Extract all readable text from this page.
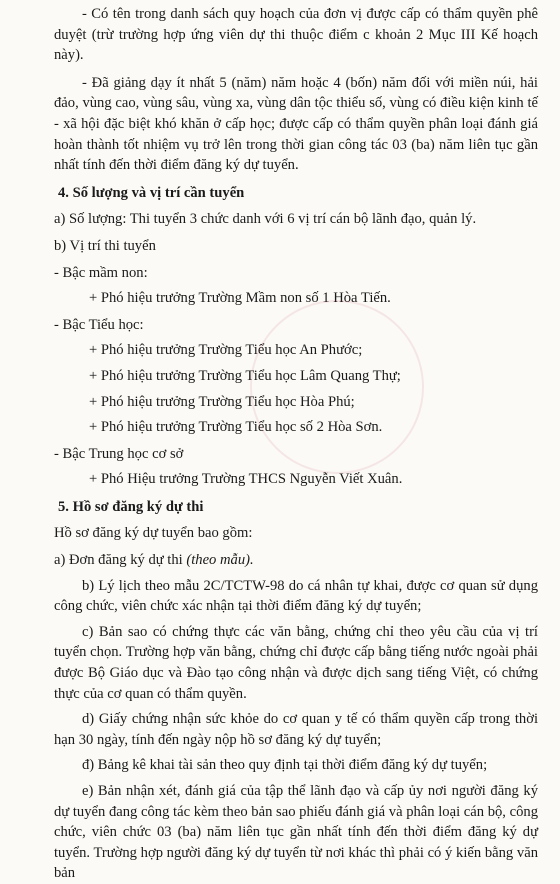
- Có tên trong danh sách quy hoạch của đơn vị được cấp có thẩm quyền phê duyệt (trừ trường hợp ứng viên dự thi thuộc điểm c khoản 2 Mục III Kế hoạch này).

- Đã giảng dạy ít nhất 5 (năm) năm hoặc 4 (bốn) năm đối với miền núi, hải đảo, vùng cao, vùng sâu, vùng xa, vùng dân tộc thiểu số, vùng có điều kiện kinh tế - xã hội đặc biệt khó khăn ở cấp học; được cấp có thẩm quyền phân loại đánh giá hoàn thành tốt nhiệm vụ trở lên trong thời gian công tác 03 (ba) năm liên tục gần nhất tính đến thời điểm đăng ký dự tuyển.

4. Số lượng và vị trí cần tuyển

a) Số lượng: Thi tuyển 3 chức danh với 6 vị trí cán bộ lãnh đạo, quản lý.

b) Vị trí thi tuyển

- Bậc mầm non:

+ Phó hiệu trưởng Trường Mầm non số 1 Hòa Tiến.

- Bậc Tiểu học:

+ Phó hiệu trưởng Trường Tiểu học An Phước;

+ Phó hiệu trưởng Trường Tiểu học Lâm Quang Thự;

+ Phó hiệu trưởng Trường Tiểu học Hòa Phú;

+ Phó hiệu trưởng Trường Tiểu học số 2 Hòa Sơn.

- Bậc Trung học cơ sở

+ Phó Hiệu trưởng Trường THCS Nguyễn Viết Xuân.

5. Hồ sơ đăng ký dự thi

Hồ sơ đăng ký dự tuyển bao gồm:

a) Đơn đăng ký dự thi (theo mẫu).

b) Lý lịch theo mẫu 2C/TCTW-98 do cá nhân tự khai, được cơ quan sử dụng công chức, viên chức xác nhận tại thời điểm đăng ký dự tuyển;

c) Bản sao có chứng thực các văn bằng, chứng chỉ theo yêu cầu của vị trí tuyển chọn. Trường hợp văn bằng, chứng chỉ được cấp bằng tiếng nước ngoài phải được Bộ Giáo dục và Đào tạo công nhận và được dịch sang tiếng Việt, có chứng thực của cơ quan có thẩm quyền.

d) Giấy chứng nhận sức khỏe do cơ quan y tế có thẩm quyền cấp trong thời hạn 30 ngày, tính đến ngày nộp hồ sơ đăng ký dự tuyển;

đ) Bảng kê khai tài sản theo quy định tại thời điểm đăng ký dự tuyển;

e) Bản nhận xét, đánh giá của tập thể lãnh đạo và cấp ủy nơi người đăng ký dự tuyển đang công tác kèm theo bản sao phiếu đánh giá và phân loại cán bộ, công chức, viên chức 03 (ba) năm liên tục gần nhất tính đến thời điểm đăng ký dự tuyển. Trường hợp người đăng ký dự tuyển từ nơi khác thì phải có ý kiến bằng văn bản
